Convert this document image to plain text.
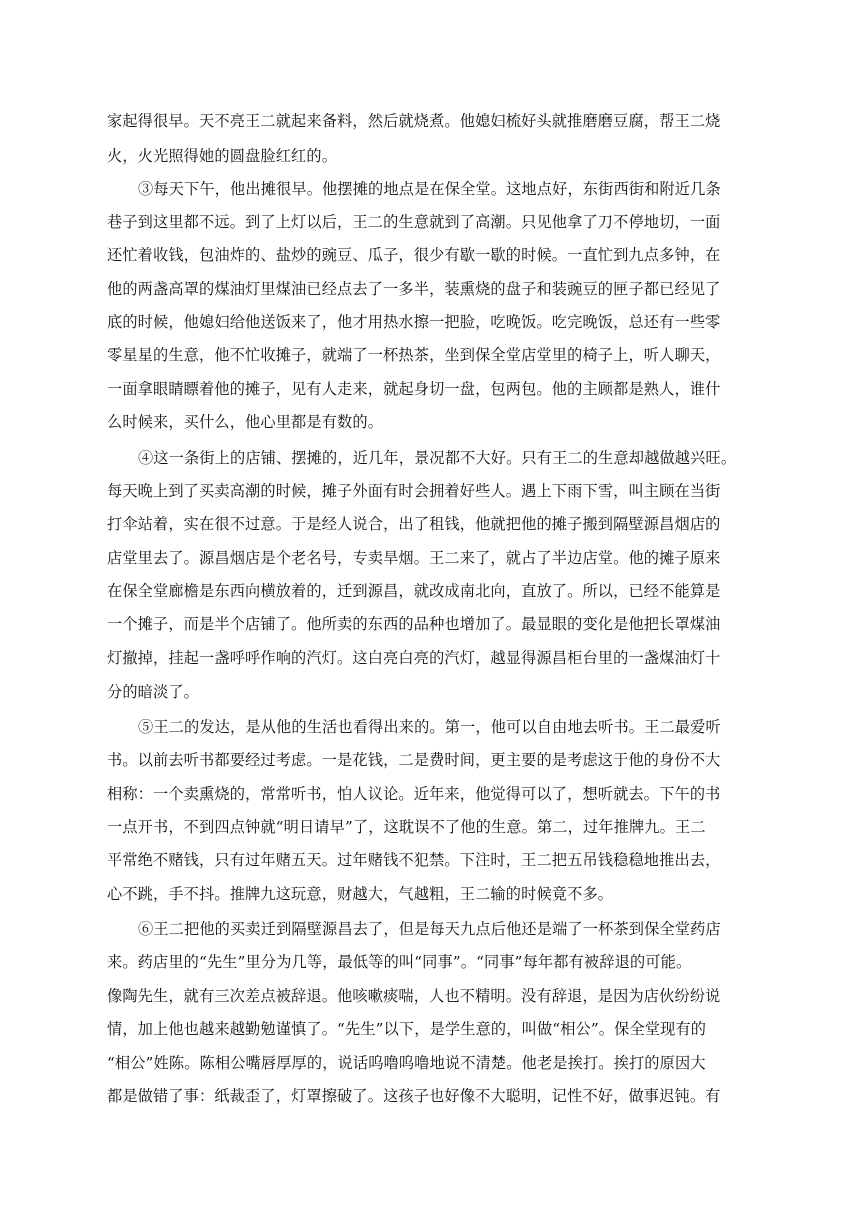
家起得很早。天不亮王二就起来备料，然后就烧煮。他媳妇梳好头就推磨磨豆腐，帮王二烧
火，火光照得她的圆盘脸红红的。
③每天下午，他出摊很早。他摆摊的地点是在保全堂。这地点好，东街西街和附近几条
巷子到这里都不远。到了上灯以后，王二的生意就到了高潮。只见他拿了刀不停地切，一面
还忙着收钱，包油炸的、盐炒的豌豆、瓜子，很少有歇一歇的时候。一直忙到九点多钟，在
他的两盏高罩的煤油灯里煤油已经点去了一多半，装熏烧的盘子和装豌豆的匣子都已经见了
底的时候，他媳妇给他送饭来了，他才用热水擦一把脸，吃晚饭。吃完晚饭，总还有一些零
零星星的生意，他不忙收摊子，就端了一杯热茶，坐到保全堂店堂里的椅子上，听人聊天，
一面拿眼睛瞟着他的摊子，见有人走来，就起身切一盘，包两包。他的主顾都是熟人，谁什
么时候来，买什么，他心里都是有数的。
④这一条街上的店铺、摆摊的，近几年，景况都不大好。只有王二的生意却越做越兴旺。
每天晚上到了买卖高潮的时候，摊子外面有时会拥着好些人。遇上下雨下雪，叫主顾在当街
打伞站着，实在很不过意。于是经人说合，出了租钱，他就把他的摊子搬到隔壁源昌烟店的
店堂里去了。源昌烟店是个老名号，专卖旱烟。王二来了，就占了半边店堂。他的摊子原来
在保全堂廊檐是东西向横放着的，迁到源昌，就改成南北向，直放了。所以，已经不能算是
一个摊子，而是半个店铺了。他所卖的东西的品种也增加了。最显眼的变化是他把长罩煤油
灯撤掉，挂起一盏呼呼作响的汽灯。这白亮白亮的汽灯，越显得源昌柜台里的一盏煤油灯十
分的暗淡了。
⑤王二的发达，是从他的生活也看得出来的。第一，他可以自由地去听书。王二最爱听
书。以前去听书都要经过考虑。一是花钱，二是费时间，更主要的是考虑这于他的身份不大
相称：一个卖熏烧的，常常听书，怕人议论。近年来，他觉得可以了，想听就去。下午的书
一点开书，不到四点钟就“明日请早”了，这耽误不了他的生意。第二，过年推牌九。王二
平常绝不赌钱，只有过年赌五天。过年赌钱不犯禁。下注时，王二把五吊钱稳稳地推出去，
心不跳，手不抖。推牌九这玩意，财越大，气越粗，王二输的时候竟不多。
⑥王二把他的买卖迁到隔壁源昌去了，但是每天九点后他还是端了一杯茶到保全堂药店
来。药店里的“先生”里分为几等，最低等的叫“同事”。“同事”每年都有被辞退的可能。
像陶先生，就有三次差点被辞退。他咳嗽痰喘，人也不精明。没有辞退，是因为店伙纷纷说
情，加上他也越来越勤勉谨慎了。“先生”以下，是学生意的，叫做“相公”。保全堂现有的
“相公”姓陈。陈相公嘴唇厚厚的，说话呜噜呜噜地说不清楚。他老是挨打。挨打的原因大
都是做错了事：纸裁歪了，灯罩擦破了。这孩子也好像不大聪明，记性不好，做事迟钝。有
